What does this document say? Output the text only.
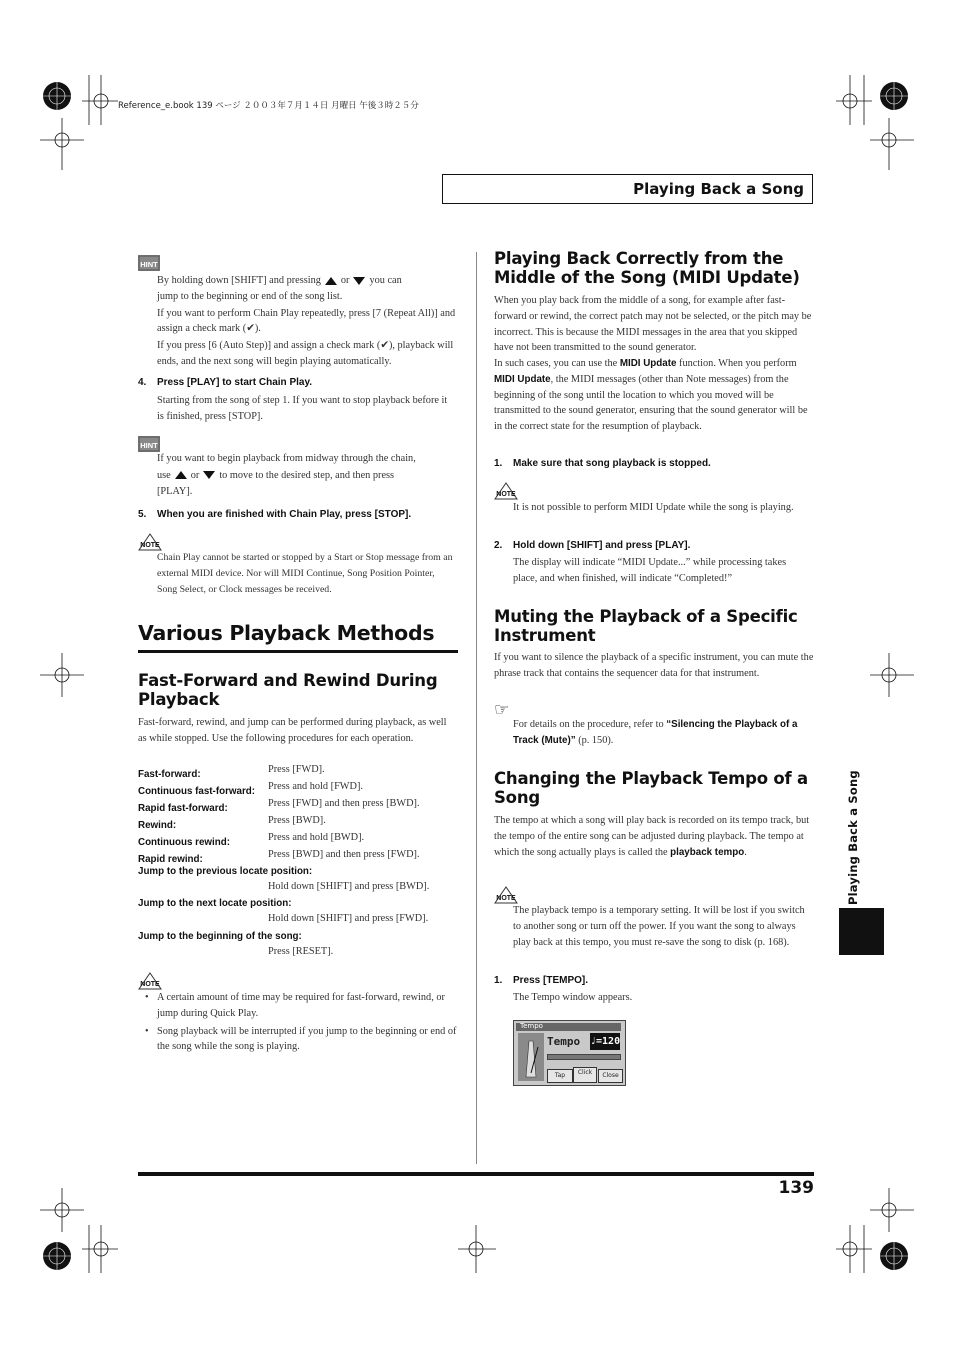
Reference_e.book 139 ページ ２００３年７月１４日 月曜日 午後３時２５分
Playing Back a Song
Playing Back a Song
HINT
By holding down [SHIFT] and pressing or you can
jump to the beginning or end of the song list.
If you want to perform Chain Play repeatedly, press [7 (Repeat All)] and assign a check mark (✔).
If you press [6 (Auto Step)] and assign a check mark (✔), playback will ends, and the next song will begin playing automatically.
4. Press [PLAY] to start Chain Play.
Starting from the song of step 1. If you want to stop playback before it is finished, press [STOP].
HINT
If you want to begin playback from midway through the chain,
use or to move to the desired step, and then press
[PLAY].
5. When you are finished with Chain Play, press [STOP].
NOTE
Chain Play cannot be started or stopped by a Start or Stop message from an external MIDI device. Nor will MIDI Continue, Song Position Pointer, Song Select, or Clock messages be received.
Various Playback Methods
Fast-Forward and Rewind During Playback
Fast-forward, rewind, and jump can be performed during playback, as well as while stopped. Use the following procedures for each operation.
Fast-forward:	Press [FWD].
Continuous fast-forward: Press and hold [FWD].
Rapid fast-forward:	Press [FWD] and then press [BWD].
Rewind:	Press [BWD].
Continuous rewind:	Press and hold [BWD].
Rapid rewind:	Press [BWD] and then press [FWD].
Jump to the previous locate position:
Hold down [SHIFT] and press [BWD].
Jump to the next locate position:
Hold down [SHIFT] and press [FWD].
Jump to the beginning of the song:
Press [RESET].
NOTE
• A certain amount of time may be required for fast-forward, rewind, or jump during Quick Play.
• Song playback will be interrupted if you jump to the beginning or end of the song while the song is playing.
Playing Back Correctly from the Middle of the Song (MIDI Update)
When you play back from the middle of a song, for example after fast-forward or rewind, the correct patch may not be selected, or the pitch may be incorrect. This is because the MIDI messages in the area that you skipped have not been transmitted to the sound generator.
In such cases, you can use the MIDI Update function. When you perform MIDI Update, the MIDI messages (other than Note messages) from the beginning of the song until the location to which you moved will be transmitted to the sound generator, ensuring that the sound generator will be in the correct state for the resumption of playback.
1. Make sure that song playback is stopped.
NOTE
It is not possible to perform MIDI Update while the song is playing.
2. Hold down [SHIFT] and press [PLAY].
The display will indicate “MIDI Update...” while processing takes place, and when finished, will indicate “Completed!”
Muting the Playback of a Specific Instrument
If you want to silence the playback of a specific instrument, you can mute the phrase track that contains the sequencer data for that instrument.
☞
For details on the procedure, refer to “Silencing the Playback of a Track (Mute)” (p. 150).
Changing the Playback Tempo of a Song
The tempo at which a song will play back is recorded on its tempo track, but the tempo of the entire song can be adjusted during playback. The tempo at which the song actually plays is called the playback tempo.
NOTE
The playback tempo is a temporary setting. It will be lost if you switch to another song or turn off the power. If you want the song to always play back at this tempo, you must re-save the song to disk (p. 168).
1. Press [TEMPO].
The Tempo window appears.
Tempo
Tempo ♩=120
Tap	Click	Close
139
